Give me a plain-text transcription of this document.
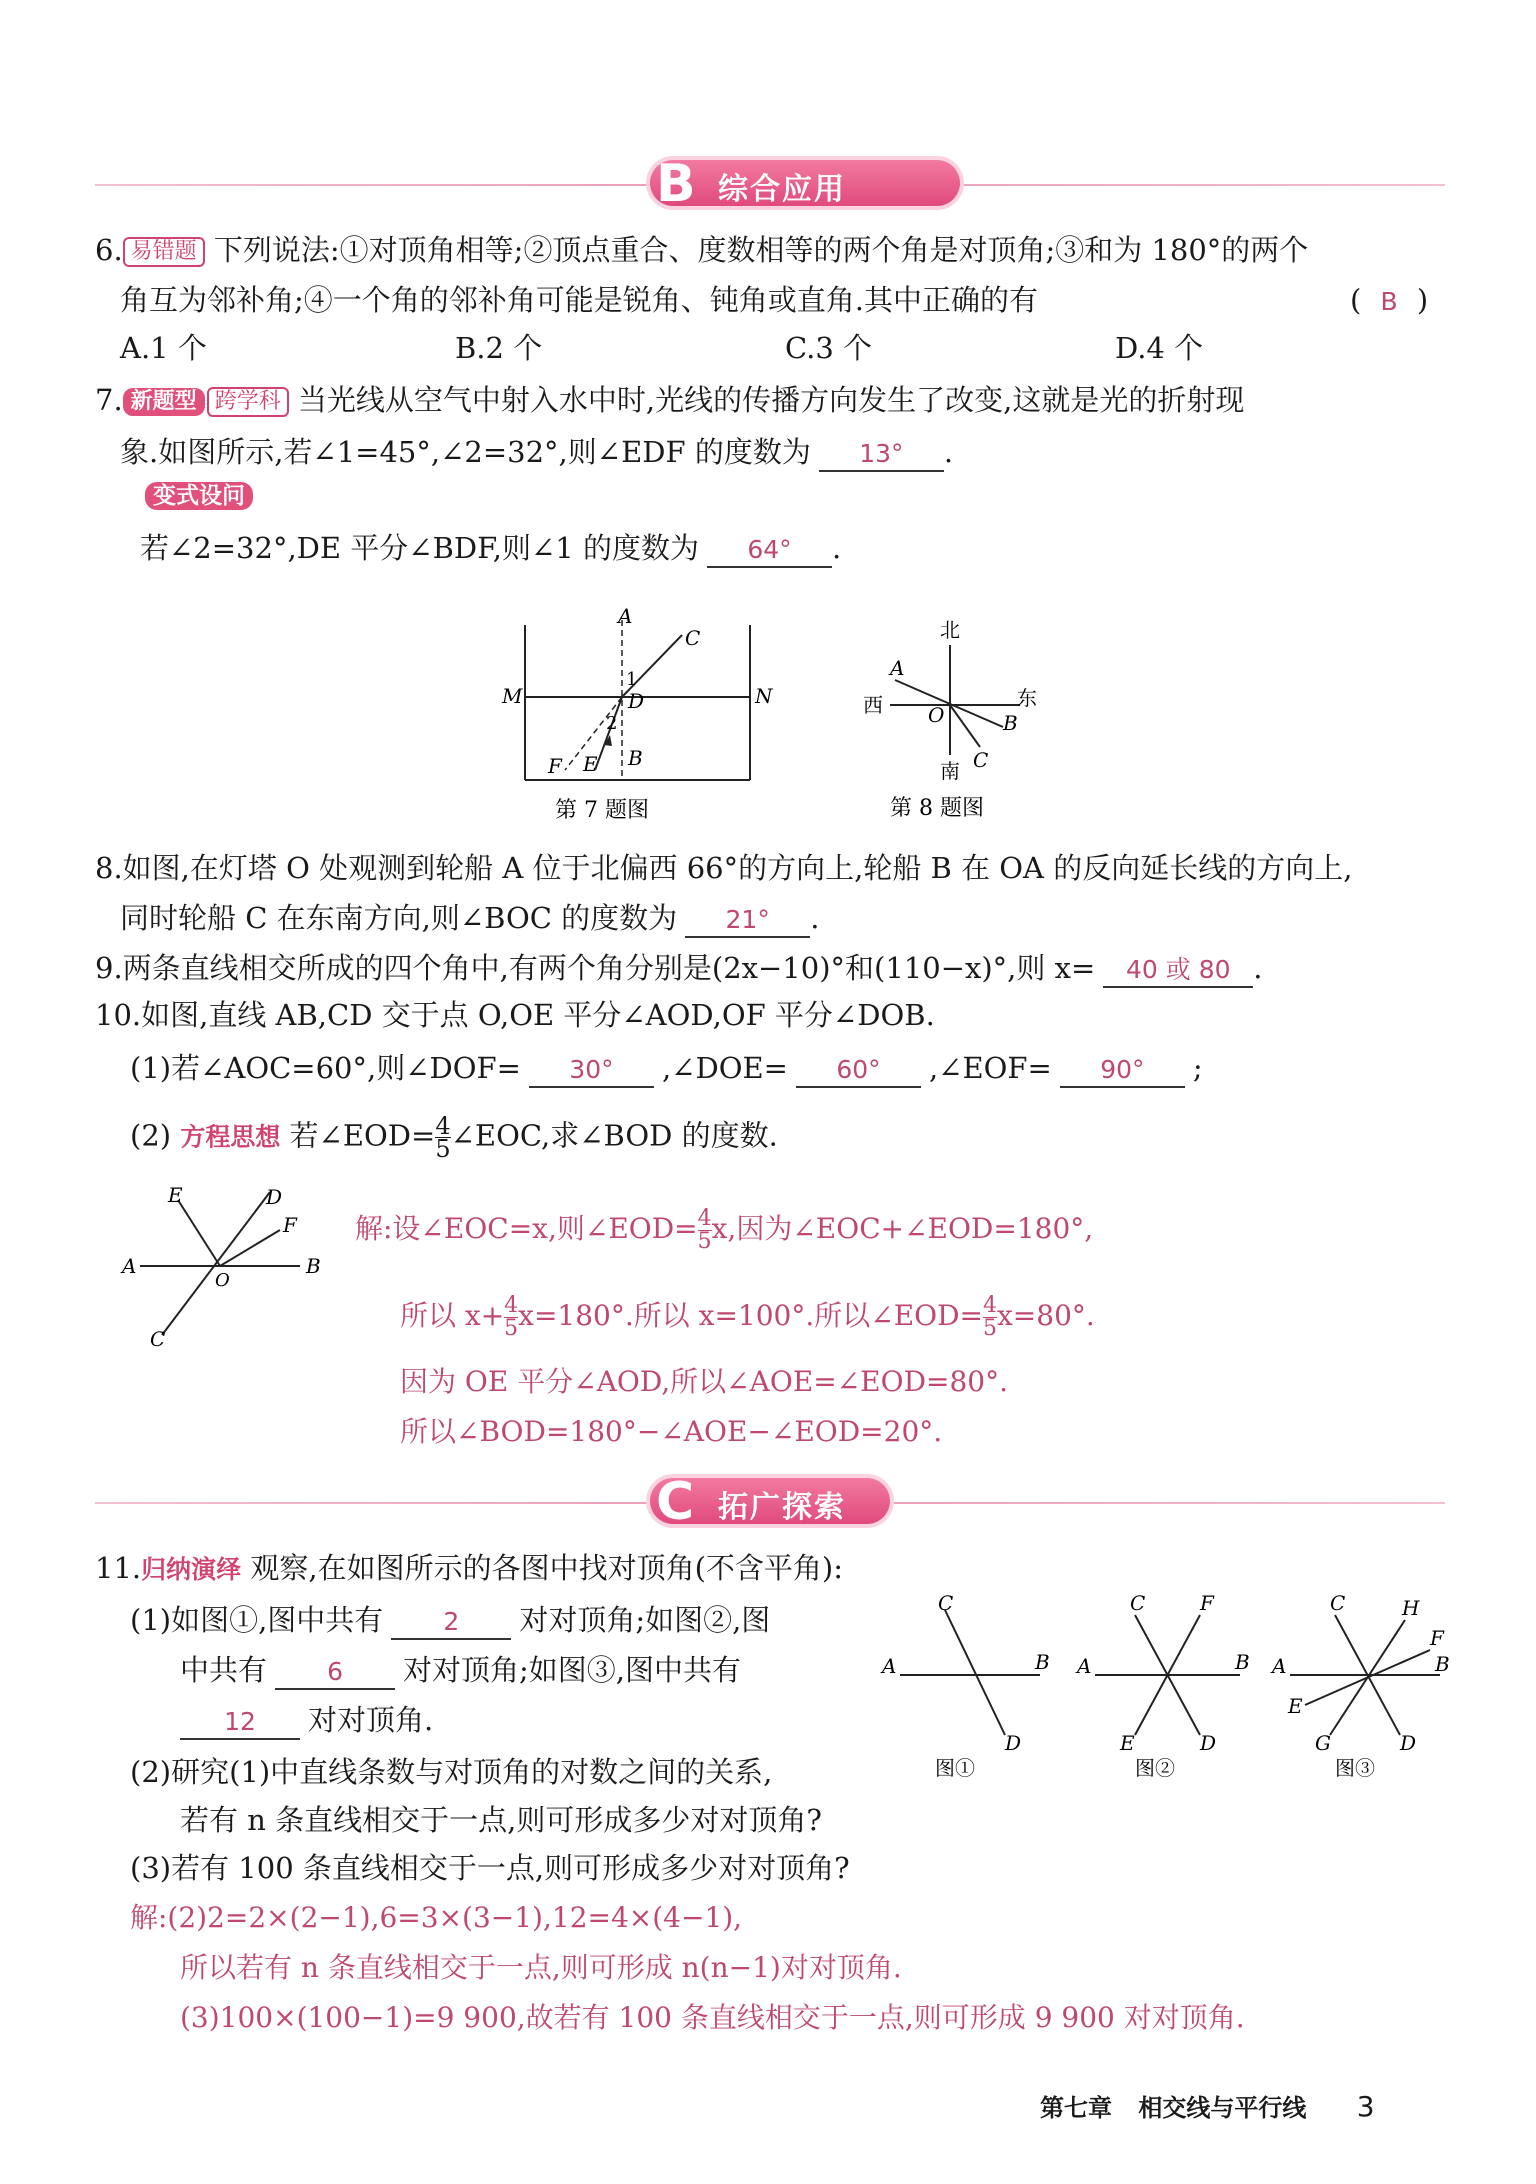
B 综合应用
6. 易错题 下列说法:①对顶角相等;②顶点重合、度数相等的两个角是对顶角;③和为 180°的两个
角互为邻补角;④一个角的邻补角可能是锐角、钝角或直角.其中正确的有	( B )
A.1 个	B.2 个	C.3 个	D.4 个
7. 新题型 跨学科 当光线从空气中射入水中时,光线的传播方向发生了改变,这就是光的折射现
象.如图所示,若∠1=45°,∠2=32°,则∠EDF 的度数为 13° .
变式设问
若∠2=32°,DE 平分∠BDF,则∠1 的度数为 64° .
A
C
M	N
D
1
2
F E B
第 7 题图
北
南
西	东
A
O	B
C
第 8 题图
8.如图,在灯塔 O 处观测到轮船 A 位于北偏西 66°的方向上,轮船 B 在 OA 的反向延长线的方向上,
同时轮船 C 在东南方向,则∠BOC 的度数为 21° .
9.两条直线相交所成的四个角中,有两个角分别是(2x−10)°和(110−x)°,则 x= 40 或 80 .
10.如图,直线 AB,CD 交于点 O,OE 平分∠AOD,OF 平分∠DOB.
(1)若∠AOC=60°,则∠DOF= 30° ,∠DOE= 60° ,∠EOF= 90° ;
(2) 方程思想 若∠EOD= $\frac{4}{5}$ ∠EOC,求∠BOD 的度数.
E	D
F
A
O
B
C
解:设∠EOC=x,则∠EOD= $\frac{4}{5} x$,因为∠EOC+∠EOD=180°,
所以 $x+ \frac{4}{5} x=180^\circ$.所以 x=100°.所以∠EOD= $\frac{4}{5} x=80^\circ$.
因为 OE 平分∠AOD,所以∠AOE=∠EOD=80°.
所以∠BOD=180°−∠AOE−∠EOD=20°.
C 拓广探索
11.归纳演绎 观察,在如图所示的各图中找对顶角(不含平角):
(1)如图①,图中共有 2 对对顶角;如图②,图
中共有 6 对对顶角;如图③,图中共有
12 对对顶角.
(2)研究(1)中直线条数与对顶角的对数之间的关系,
若有 n 条直线相交于一点,则可形成多少对对顶角?
(3)若有 100 条直线相交于一点,则可形成多少对对顶角?
C
A	B
D
图①
C	F
A	B
E	D
图②
C	H
F
A	B
E
G	D
图③
解:(2)2=2×(2−1),6=3×(3−1),12=4×(4−1),
所以若有 n 条直线相交于一点,则可形成 n(n−1)对对顶角.
(3)100×(100−1)=9 900,故若有 100 条直线相交于一点,则可形成 9 900 对对顶角.
第七章 相交线与平行线 3
